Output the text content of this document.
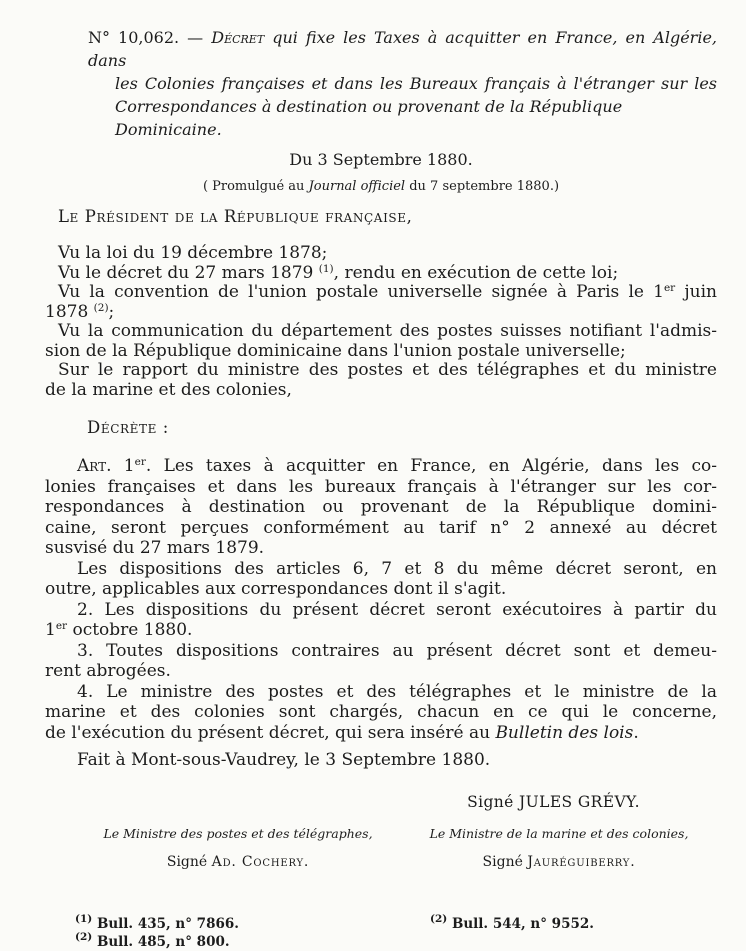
N° 10,062. — Décret qui fixe les Taxes à acquitter en France, en Algérie, dans
les Colonies françaises et dans les Bureaux français à l'étranger sur les
Correspondances à destination ou provenant de la République Dominicaine.
Du 3 Septembre 1880.
( Promulgué au Journal officiel du 7 septembre 1880.)
Le Président de la République française,
Vu la loi du 19 décembre 1878;
Vu le décret du 27 mars 1879 $^{(1)}$, rendu en exécution de cette loi;
Vu la convention de l'union postale universelle signée à Paris le 1er juin
1878 $^{(2)}$;
Vu la communication du département des postes suisses notifiant l'admis-
sion de la République dominicaine dans l'union postale universelle;
Sur le rapport du ministre des postes et des télégraphes et du ministre
de la marine et des colonies,
Décrète :
Art. 1er. Les taxes à acquitter en France, en Algérie, dans les co-
lonies françaises et dans les bureaux français à l'étranger sur les cor-
respondances à destination ou provenant de la République domini-
caine, seront perçues conformément au tarif n° 2 annexé au décret
susvisé du 27 mars 1879.
Les dispositions des articles 6, 7 et 8 du même décret seront, en
outre, applicables aux correspondances dont il s'agit.
2. Les dispositions du présent décret seront exécutoires à partir du
1er octobre 1880.
3. Toutes dispositions contraires au présent décret sont et demeu-
rent abrogées.
4. Le ministre des postes et des télégraphes et le ministre de la
marine et des colonies sont chargés, chacun en ce qui le concerne,
de l'exécution du présent décret, qui sera inséré au Bulletin des lois.
Fait à Mont-sous-Vaudrey, le 3 Septembre 1880.
Signé JULES GRÉVY.
Le Ministre des postes et des télégraphes,
Signé Ad. Cochery.
Le Ministre de la marine et des colonies,
Signé Jauréguiberry.
$^{(1)}$ Bull. 435, n° 7866.
$^{(2)}$ Bull. 485, n° 800.
$^{(2)}$ Bull. 544, n° 9552.
